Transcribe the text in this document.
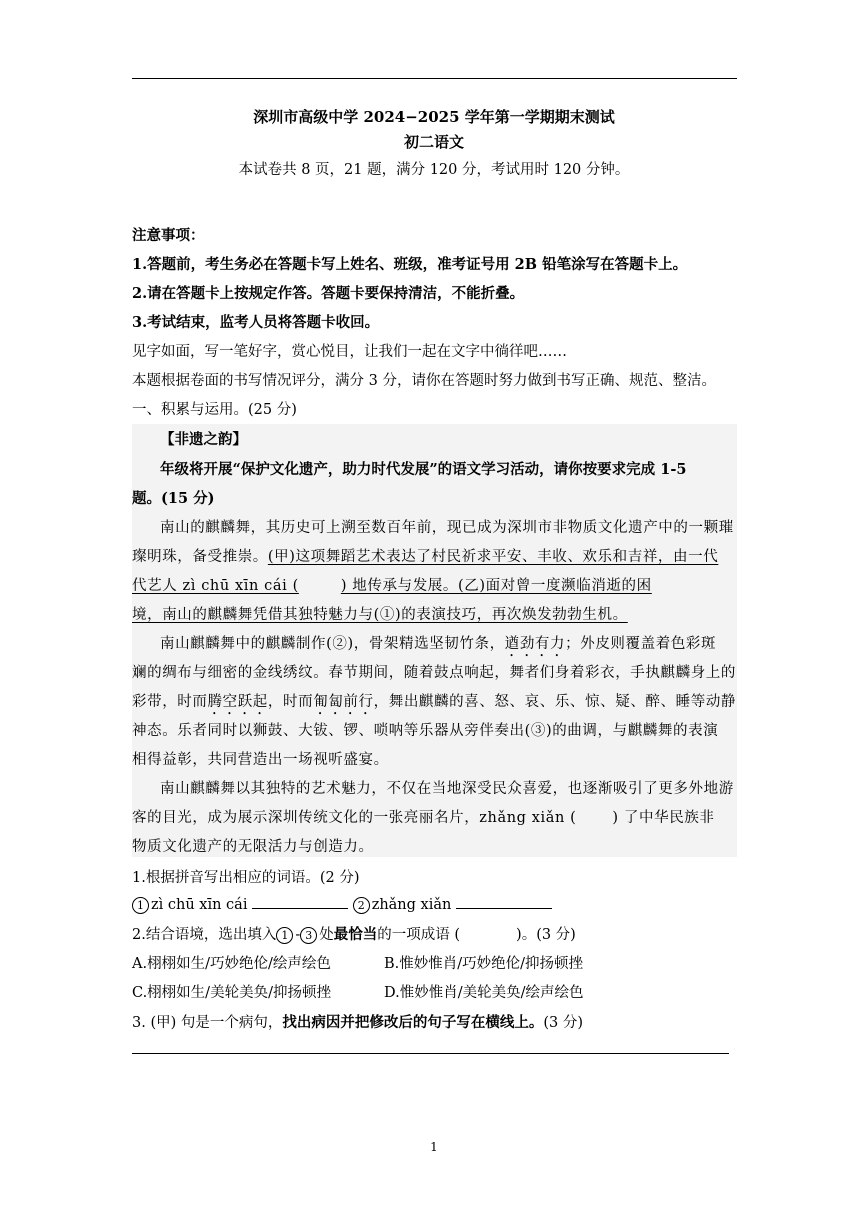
深圳市高级中学 2024−2025 学年第一学期期末测试
初二语文
本试卷共 8 页，21 题，满分 120 分，考试用时 120 分钟。
注意事项：
1.答题前，考生务必在答题卡写上姓名、班级，准考证号用 2B 铅笔涂写在答题卡上。
2.请在答题卡上按规定作答。答题卡要保持清洁，不能折叠。
3.考试结束，监考人员将答题卡收回。
见字如面，写一笔好字，赏心悦目，让我们一起在文字中徜徉吧……
本题根据卷面的书写情况评分，满分 3 分，请你在答题时努力做到书写正确、规范、整洁。
一、积累与运用。(25 分)
【非遗之韵】
年级将开展“保护文化遗产，助力时代发展”的语文学习活动，请你按要求完成 1-5
题。(15 分)
南山的麒麟舞，其历史可上溯至数百年前，现已成为深圳市非物质文化遗产中的一颗璀
璨明珠，备受推崇。(甲)这项舞蹈艺术表达了村民祈求平安、丰收、欢乐和吉祥，由一代
代艺人 zì chū xīn cái (	) 地传承与发展。(乙)面对曾一度濒临消逝的困
境，南山的麒麟舞凭借其独特魅力与(①)的表演技巧，再次焕发勃勃生机。
南山麒麟舞中的麒麟制作(②)，骨架精选坚韧竹条，遒劲有力；外皮则覆盖着色彩斑
斓的绸布与细密的金线绣纹。春节期间，随着鼓点响起，舞者们身着彩衣，手执麒麟身上的
彩带，时而腾空跃起，时而匍匐前行，舞出麒麟的喜、怒、哀、乐、惊、疑、醉、睡等动静
神态。乐者同时以狮鼓、大钹、锣、唢呐等乐器从旁伴奏出(③)的曲调，与麒麟舞的表演
相得益彰，共同营造出一场视听盛宴。
南山麒麟舞以其独特的艺术魅力，不仅在当地深受民众喜爱，也逐渐吸引了更多外地游
客的目光，成为展示深圳传统文化的一张亮丽名片，zhǎng xiǎn ( ) 了中华民族非
物质文化遗产的无限活力与创造力。
1.根据拼音写出相应的词语。(2 分)
1 zì chū xīn cái	2 zhǎng xiǎn
2.结合语境，选出填入 1 - 3 处最恰当的一项成语 (	)。(3 分)
A.栩栩如生/巧妙绝伦/绘声绘色	B.惟妙惟肖/巧妙绝伦/抑扬顿挫
C.栩栩如生/美轮美奂/抑扬顿挫	D.惟妙惟肖/美轮美奂/绘声绘色
3. (甲) 句是一个病句，找出病因并把修改后的句子写在横线上。(3 分)
1
